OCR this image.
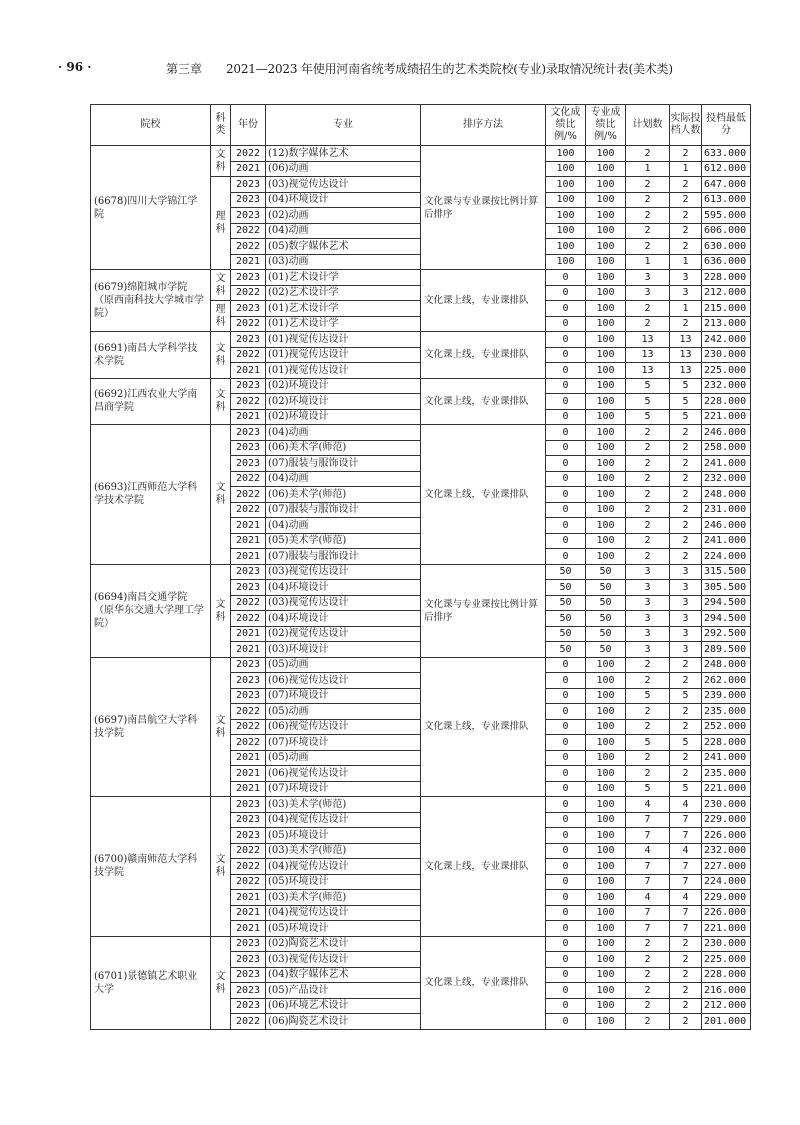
· 96 ·	第三章 2021—2023 年使用河南省统考成绩招生的艺术类院校(专业)录取情况统计表(美术类)
院校	科类	年份	专业	排序方法	文化成绩比例/%	专业成绩比例/%	计划数	实际投档人数	投档最低分
(6678)四川大学锦江学院	文科	2022	(12)数字媒体艺术	文化课与专业课按比例计算后排序	100	100	2	2	633.000
		2021	(06)动画		100	100	1	1	612.000
	理科	2023	(03)视觉传达设计		100	100	2	2	647.000
		2023	(04)环境设计		100	100	2	2	613.000
		2023	(02)动画		100	100	2	2	595.000
		2022	(04)动画		100	100	2	2	606.000
		2022	(05)数字媒体艺术		100	100	2	2	630.000
		2021	(03)动画		100	100	1	1	636.000
(6679)绵阳城市学院（原西南科技大学城市学院）	文科	2023	(01)艺术设计学	文化课上线，专业课排队	0	100	3	3	228.000
		2022	(02)艺术设计学		0	100	3	3	212.000
	理科	2023	(01)艺术设计学		0	100	2	1	215.000
		2022	(01)艺术设计学		0	100	2	2	213.000
(6691)南昌大学科学技术学院	文科	2023	(01)视觉传达设计	文化课上线，专业课排队	0	100	13	13	242.000
		2022	(01)视觉传达设计		0	100	13	13	230.000
		2021	(01)视觉传达设计		0	100	13	13	225.000
(6692)江西农业大学南昌商学院	文科	2023	(02)环境设计	文化课上线，专业课排队	0	100	5	5	232.000
		2022	(02)环境设计		0	100	5	5	228.000
		2021	(02)环境设计		0	100	5	5	221.000
(6693)江西师范大学科学技术学院	文科	2023	(04)动画	文化课上线，专业课排队	0	100	2	2	246.000
		2023	(06)美术学(师范)		0	100	2	2	258.000
		2023	(07)服装与服饰设计		0	100	2	2	241.000
		2022	(04)动画		0	100	2	2	232.000
		2022	(06)美术学(师范)		0	100	2	2	248.000
		2022	(07)服装与服饰设计		0	100	2	2	231.000
		2021	(04)动画		0	100	2	2	246.000
		2021	(05)美术学(师范)		0	100	2	2	241.000
		2021	(07)服装与服饰设计		0	100	2	2	224.000
(6694)南昌交通学院（原华东交通大学理工学院）	文科	2023	(03)视觉传达设计	文化课与专业课按比例计算后排序	50	50	3	3	315.500
		2023	(04)环境设计		50	50	3	3	305.500
		2022	(03)视觉传达设计		50	50	3	3	294.500
		2022	(04)环境设计		50	50	3	3	294.500
		2021	(02)视觉传达设计		50	50	3	3	292.500
		2021	(03)环境设计		50	50	3	3	289.500
(6697)南昌航空大学科技学院	文科	2023	(05)动画	文化课上线，专业课排队	0	100	2	2	248.000
		2023	(06)视觉传达设计		0	100	2	2	262.000
		2023	(07)环境设计		0	100	5	5	239.000
		2022	(05)动画		0	100	2	2	235.000
		2022	(06)视觉传达设计		0	100	2	2	252.000
		2022	(07)环境设计		0	100	5	5	228.000
		2021	(05)动画		0	100	2	2	241.000
		2021	(06)视觉传达设计		0	100	2	2	235.000
		2021	(07)环境设计		0	100	5	5	221.000
(6700)赣南师范大学科技学院	文科	2023	(03)美术学(师范)	文化课上线，专业课排队	0	100	4	4	230.000
		2023	(04)视觉传达设计		0	100	7	7	229.000
		2023	(05)环境设计		0	100	7	7	226.000
		2022	(03)美术学(师范)		0	100	4	4	232.000
		2022	(04)视觉传达设计		0	100	7	7	227.000
		2022	(05)环境设计		0	100	7	7	224.000
		2021	(03)美术学(师范)		0	100	4	4	229.000
		2021	(04)视觉传达设计		0	100	7	7	226.000
		2021	(05)环境设计		0	100	7	7	221.000
(6701)景德镇艺术职业大学	文科	2023	(02)陶瓷艺术设计	文化课上线，专业课排队	0	100	2	2	230.000
		2023	(03)视觉传达设计		0	100	2	2	225.000
		2023	(04)数字媒体艺术		0	100	2	2	228.000
		2023	(05)产品设计		0	100	2	2	216.000
		2023	(06)环境艺术设计		0	100	2	2	212.000
		2022	(06)陶瓷艺术设计		0	100	2	2	201.000
